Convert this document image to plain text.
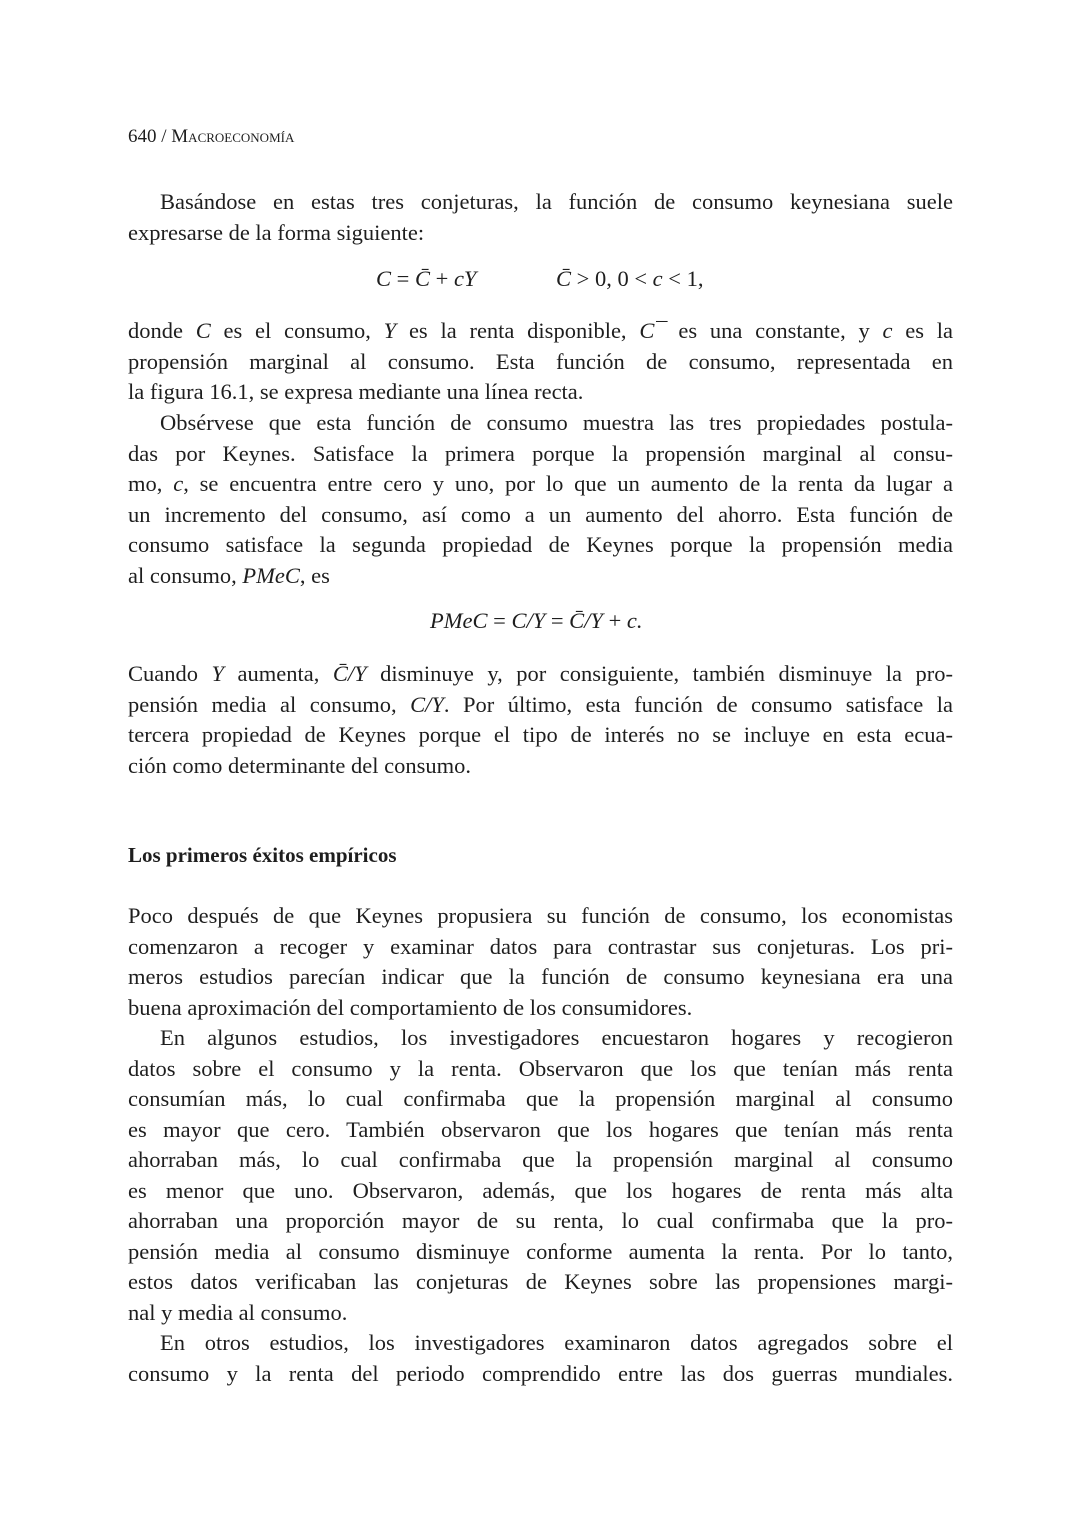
640 / Macroeconomía
Basándose en estas tres conjeturas, la función de consumo keynesiana suele
expresarse de la forma siguiente:
C = C̄ + cY	C̄ > 0, 0 < c < 1,
donde C es el consumo, Y es la renta disponible, C¯ es una constante, y c es la
propensión marginal al consumo. Esta función de consumo, representada en
la figura 16.1, se expresa mediante una línea recta.
Obsérvese que esta función de consumo muestra las tres propiedades postula-
das por Keynes. Satisface la primera porque la propensión marginal al consu-
mo, c, se encuentra entre cero y uno, por lo que un aumento de la renta da lugar a
un incremento del consumo, así como a un aumento del ahorro. Esta función de
consumo satisface la segunda propiedad de Keynes porque la propensión media
al consumo, PMeC, es
PMeC = C/Y = C̄/Y + c.
Cuando Y aumenta, C̄/Y disminuye y, por consiguiente, también disminuye la pro-
pensión media al consumo, C/Y. Por último, esta función de consumo satisface la
tercera propiedad de Keynes porque el tipo de interés no se incluye en esta ecua-
ción como determinante del consumo.
Los primeros éxitos empíricos
Poco después de que Keynes propusiera su función de consumo, los economistas
comenzaron a recoger y examinar datos para contrastar sus conjeturas. Los pri-
meros estudios parecían indicar que la función de consumo keynesiana era una
buena aproximación del comportamiento de los consumidores.
En algunos estudios, los investigadores encuestaron hogares y recogieron
datos sobre el consumo y la renta. Observaron que los que tenían más renta
consumían más, lo cual confirmaba que la propensión marginal al consumo
es mayor que cero. También observaron que los hogares que tenían más renta
ahorraban más, lo cual confirmaba que la propensión marginal al consumo
es menor que uno. Observaron, además, que los hogares de renta más alta
ahorraban una proporción mayor de su renta, lo cual confirmaba que la pro-
pensión media al consumo disminuye conforme aumenta la renta. Por lo tanto,
estos datos verificaban las conjeturas de Keynes sobre las propensiones margi-
nal y media al consumo.
En otros estudios, los investigadores examinaron datos agregados sobre el
consumo y la renta del periodo comprendido entre las dos guerras mundiales.
